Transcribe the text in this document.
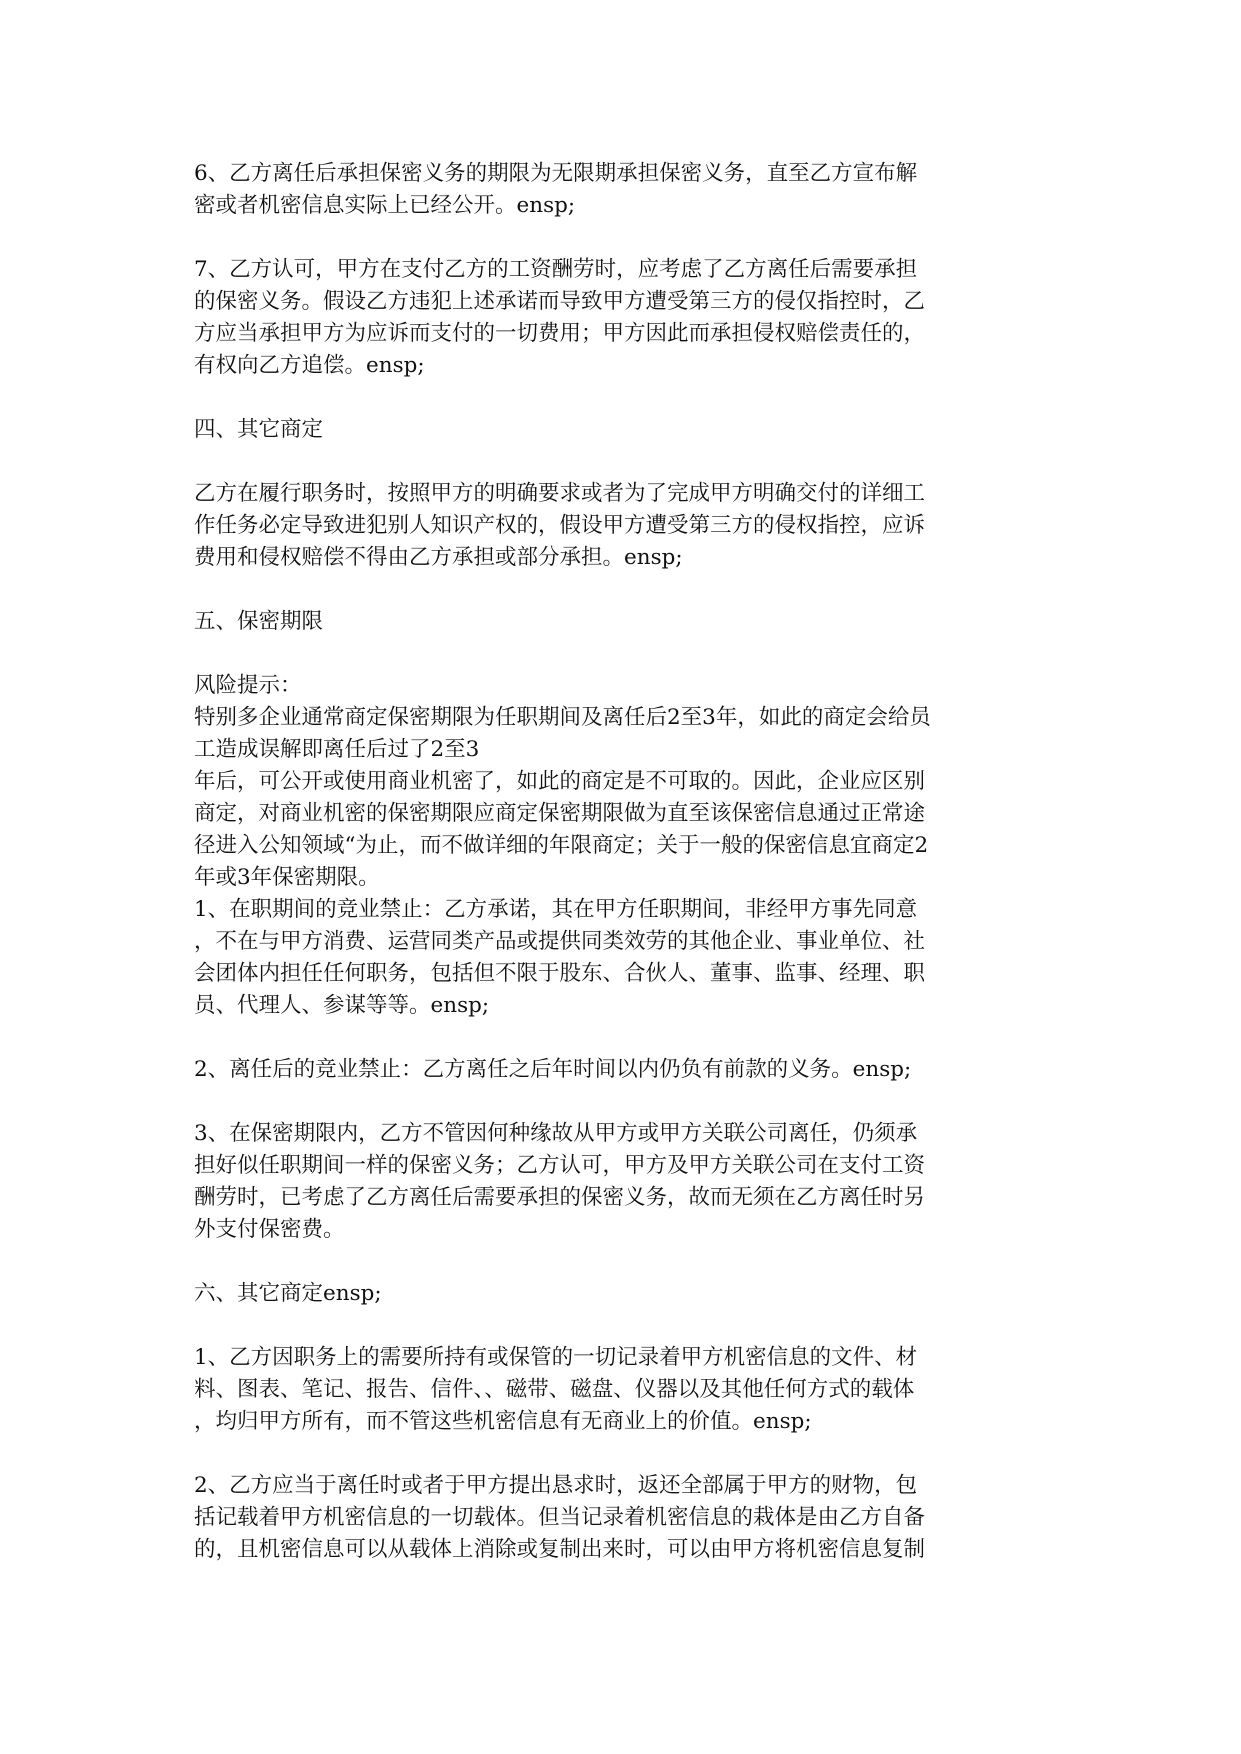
6、乙方离任后承担保密义务的期限为无限期承担保密义务，直至乙方宣布解
密或者机密信息实际上已经公开。ensp;
7、乙方认可，甲方在支付乙方的工资酬劳时，应考虑了乙方离任后需要承担
的保密义务。假设乙方违犯上述承诺而导致甲方遭受第三方的侵仅指控时，乙
方应当承担甲方为应诉而支付的一切费用；甲方因此而承担侵权赔偿责任的，
有权向乙方追偿。ensp;
四、其它商定
乙方在履行职务时，按照甲方的明确要求或者为了完成甲方明确交付的详细工
作任务必定导致进犯别人知识产权的，假设甲方遭受第三方的侵权指控，应诉
费用和侵权赔偿不得由乙方承担或部分承担。ensp;
五、保密期限
风险提示：
特别多企业通常商定保密期限为任职期间及离任后2至3年，如此的商定会给员
工造成误解即离任后过了2至3
年后，可公开或使用商业机密了，如此的商定是不可取的。因此，企业应区别
商定，对商业机密的保密期限应商定保密期限做为直至该保密信息通过正常途
径进入公知领域“为止，而不做详细的年限商定；关于一般的保密信息宜商定2
年或3年保密期限。
1、在职期间的竞业禁止：乙方承诺，其在甲方任职期间，非经甲方事先同意
，不在与甲方消费、运营同类产品或提供同类效劳的其他企业、事业单位、社
会团体内担任任何职务，包括但不限于股东、合伙人、董事、监事、经理、职
员、代理人、参谋等等。ensp;
2、离任后的竞业禁止：乙方离任之后年时间以内仍负有前款的义务。ensp;
3、在保密期限内，乙方不管因何种缘故从甲方或甲方关联公司离任，仍须承
担好似任职期间一样的保密义务；乙方认可，甲方及甲方关联公司在支付工资
酬劳时，已考虑了乙方离任后需要承担的保密义务，故而无须在乙方离任时另
外支付保密费。
六、其它商定ensp;
1、乙方因职务上的需要所持有或保管的一切记录着甲方机密信息的文件、材
料、图表、笔记、报告、信件、、磁带、磁盘、仪器以及其他任何方式的载体
，均归甲方所有，而不管这些机密信息有无商业上的价值。ensp;
2、乙方应当于离任时或者于甲方提出恳求时，返还全部属于甲方的财物，包
括记载着甲方机密信息的一切载体。但当记录着机密信息的栽体是由乙方自备
的，且机密信息可以从载体上消除或复制出来时，可以由甲方将机密信息复制
